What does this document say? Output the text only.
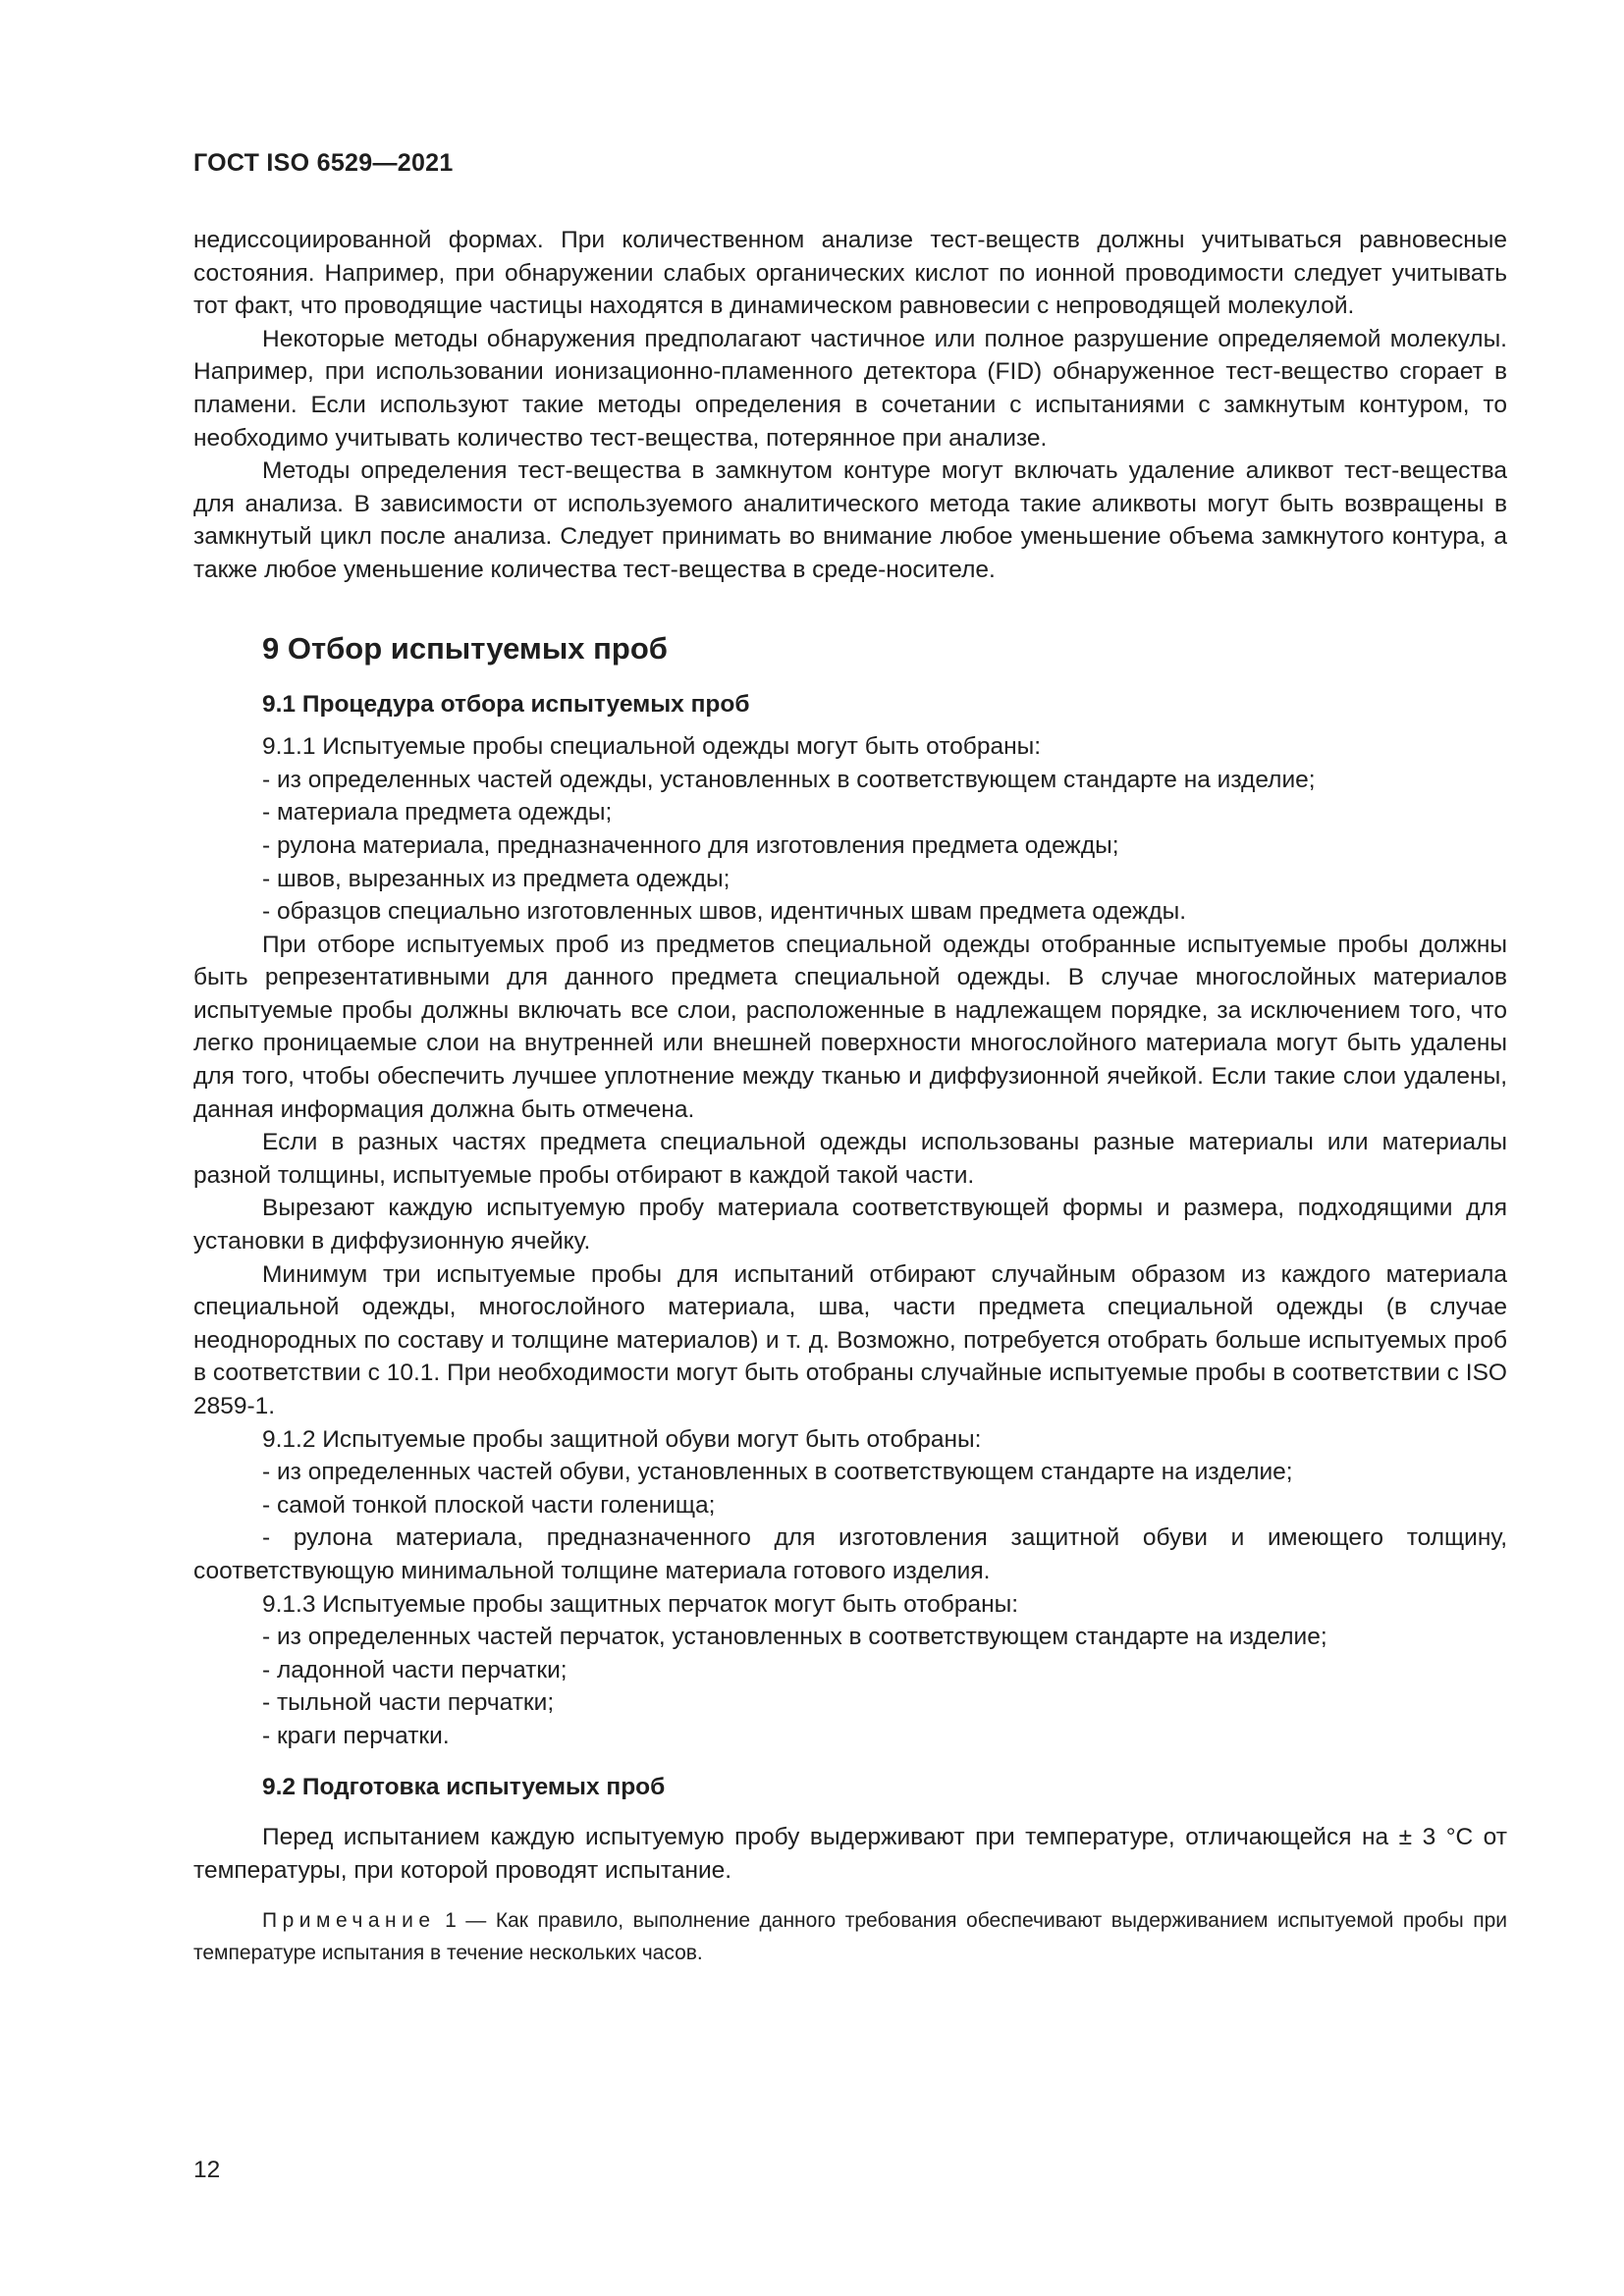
ГОСТ ISO 6529—2021

недиссоциированной формах. При количественном анализе тест-веществ должны учитываться равновесные состояния. Например, при обнаружении слабых органических кислот по ионной проводимости следует учитывать тот факт, что проводящие частицы находятся в динамическом равновесии с непроводящей молекулой.

Некоторые методы обнаружения предполагают частичное или полное разрушение определяемой молекулы. Например, при использовании ионизационно-пламенного детектора (FID) обнаруженное тест-вещество сгорает в пламени. Если используют такие методы определения в сочетании с испытаниями с замкнутым контуром, то необходимо учитывать количество тест-вещества, потерянное при анализе.

Методы определения тест-вещества в замкнутом контуре могут включать удаление аликвот тест-вещества для анализа. В зависимости от используемого аналитического метода такие аликвоты могут быть возвращены в замкнутый цикл после анализа. Следует принимать во внимание любое уменьшение объема замкнутого контура, а также любое уменьшение количества тест-вещества в среде-носителе.

9 Отбор испытуемых проб
9.1 Процедура отбора испытуемых проб

9.1.1 Испытуемые пробы специальной одежды могут быть отобраны:

- из определенных частей одежды, установленных в соответствующем стандарте на изделие;

- материала предмета одежды;

- рулона материала, предназначенного для изготовления предмета одежды;

- швов, вырезанных из предмета одежды;

- образцов специально изготовленных швов, идентичных швам предмета одежды.

При отборе испытуемых проб из предметов специальной одежды отобранные испытуемые пробы должны быть репрезентативными для данного предмета специальной одежды. В случае многослойных материалов испытуемые пробы должны включать все слои, расположенные в надлежащем порядке, за исключением того, что легко проницаемые слои на внутренней или внешней поверхности многослойного материала могут быть удалены для того, чтобы обеспечить лучшее уплотнение между тканью и диффузионной ячейкой. Если такие слои удалены, данная информация должна быть отмечена.

Если в разных частях предмета специальной одежды использованы разные материалы или материалы разной толщины, испытуемые пробы отбирают в каждой такой части.

Вырезают каждую испытуемую пробу материала соответствующей формы и размера, подходящими для установки в диффузионную ячейку.

Минимум три испытуемые пробы для испытаний отбирают случайным образом из каждого материала специальной одежды, многослойного материала, шва, части предмета специальной одежды (в случае неоднородных по составу и толщине материалов) и т. д. Возможно, потребуется отобрать больше испытуемых проб в соответствии с 10.1. При необходимости могут быть отобраны случайные испытуемые пробы в соответствии с ISO 2859-1.

9.1.2 Испытуемые пробы защитной обуви могут быть отобраны:

- из определенных частей обуви, установленных в соответствующем стандарте на изделие;

- самой тонкой плоской части голенища;

- рулона материала, предназначенного для изготовления защитной обуви и имеющего толщину, соответствующую минимальной толщине материала готового изделия.

9.1.3 Испытуемые пробы защитных перчаток могут быть отобраны:

- из определенных частей перчаток, установленных в соответствующем стандарте на изделие;

- ладонной части перчатки;

- тыльной части перчатки;

- краги перчатки.

9.2 Подготовка испытуемых проб

Перед испытанием каждую испытуемую пробу выдерживают при температуре, отличающейся на ± 3 °C от температуры, при которой проводят испытание.

Примечание 1 — Как правило, выполнение данного требования обеспечивают выдерживанием испытуемой пробы при температуре испытания в течение нескольких часов.

12
